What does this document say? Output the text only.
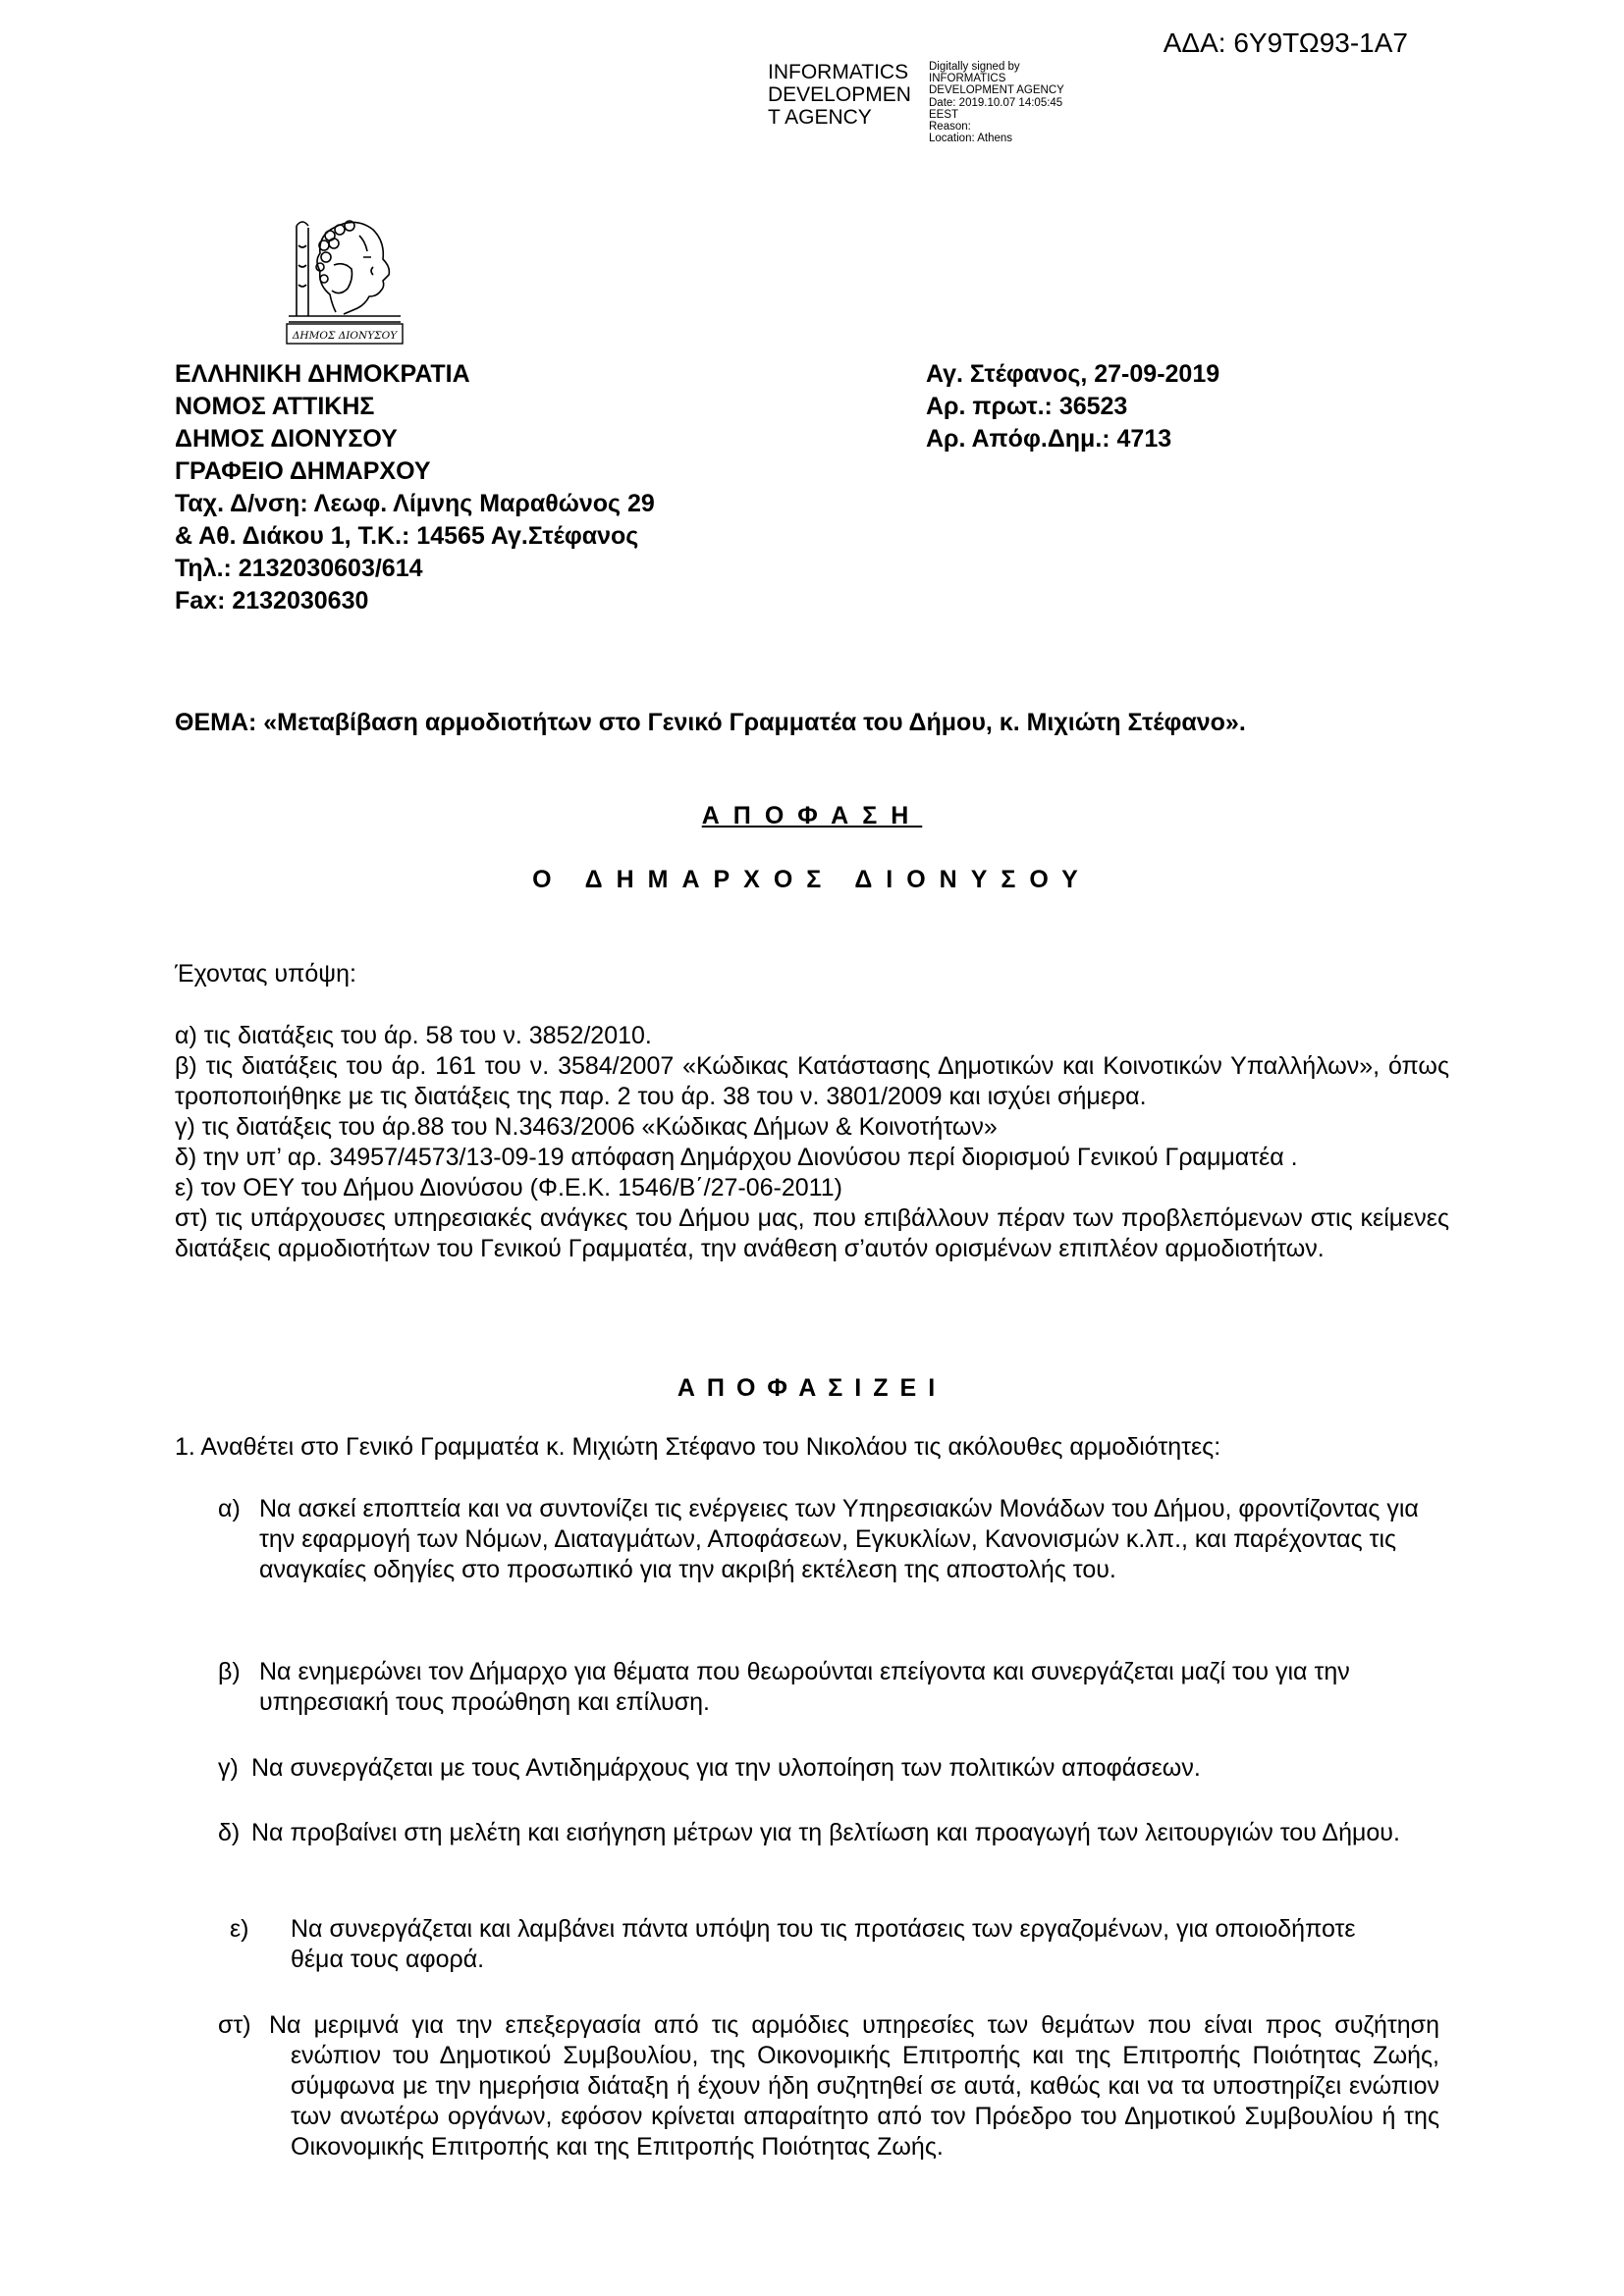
ΑΔΑ: 6Υ9ΤΩ93-1Α7
INFORMATICS
DEVELOPMEN
T AGENCY
Digitally signed by
INFORMATICS
DEVELOPMENT AGENCY
Date: 2019.10.07 14:05:45
EEST
Reason:
Location: Athens
ΔΗΜΟΣ ΔΙΟΝΥΣΟΥ
ΕΛΛΗΝΙΚΗ ΔΗΜΟΚΡΑΤΙΑ
ΝΟΜΟΣ ΑΤΤΙΚΗΣ
ΔΗΜΟΣ ΔΙΟΝΥΣΟΥ
ΓΡΑΦΕΙΟ ΔΗΜΑΡΧΟΥ
Ταχ. Δ/νση: Λεωφ. Λίμνης Μαραθώνος 29
& Αθ. Διάκου 1, Τ.Κ.: 14565 Αγ.Στέφανος
Τηλ.: 2132030603/614
Fax: 2132030630
Αγ. Στέφανος, 27-09-2019
Αρ. πρωτ.: 36523
Αρ. Απόφ.Δημ.: 4713
ΘΕΜΑ: «Μεταβίβαση αρμοδιοτήτων στο Γενικό Γραμματέα του Δήμου, κ. Μιχιώτη Στέφανο».
ΑΠΟΦΑΣΗ
Ο ΔΗΜΑΡΧΟΣ ΔΙΟΝΥΣΟΥ
Έχοντας υπόψη:

α) τις διατάξεις του άρ. 58 του ν. 3852/2010.

β) τις διατάξεις του άρ. 161 του ν. 3584/2007 «Κώδικας Κατάστασης Δημοτικών και Κοινοτικών Υπαλλήλων», όπως τροποποιήθηκε με τις διατάξεις της παρ. 2 του άρ. 38 του ν. 3801/2009 και ισχύει σήμερα.

γ) τις διατάξεις του άρ.88 του Ν.3463/2006 «Κώδικας Δήμων & Κοινοτήτων»

δ) την υπ’ αρ. 34957/4573/13-09-19 απόφαση Δημάρχου Διονύσου περί διορισμού Γενικού Γραμματέα .

ε) τον ΟΕΥ του Δήμου Διονύσου (Φ.Ε.Κ. 1546/Β΄/27-06-2011)

στ) τις υπάρχουσες υπηρεσιακές ανάγκες του Δήμου μας, που επιβάλλουν πέραν των προβλεπόμενων στις κείμενες διατάξεις αρμοδιοτήτων του Γενικού Γραμματέα, την ανάθεση σ’αυτόν ορισμένων επιπλέον αρμοδιοτήτων.

ΑΠΟΦΑΣΙΖΕΙ
1. Αναθέτει στο Γενικό Γραμματέα κ. Μιχιώτη Στέφανο του Νικολάου τις ακόλουθες αρμοδιότητες:
α) Να ασκεί εποπτεία και να συντονίζει τις ενέργειες των Υπηρεσιακών Μονάδων του Δήμου, φροντίζοντας για την εφαρμογή των Νόμων, Διαταγμάτων, Αποφάσεων, Εγκυκλίων, Κανονισμών κ.λπ., και παρέχοντας τις αναγκαίες οδηγίες στο προσωπικό για την ακριβή εκτέλεση της αποστολής του.

β) Να ενημερώνει τον Δήμαρχο για θέματα που θεωρούνται επείγοντα και συνεργάζεται μαζί του για την υπηρεσιακή τους προώθηση και επίλυση.

γ) Να συνεργάζεται με τους Αντιδημάρχους για την υλοποίηση των πολιτικών αποφάσεων.

δ) Να προβαίνει στη μελέτη και εισήγηση μέτρων για τη βελτίωση και προαγωγή των λειτουργιών του Δήμου.

ε)	Να συνεργάζεται και λαμβάνει πάντα υπόψη του τις προτάσεις των εργαζομένων, για οποιοδήποτε θέμα τους αφορά.

στ) Να μεριμνά για την επεξεργασία από τις αρμόδιες υπηρεσίες των θεμάτων που είναι προς συζήτηση ενώπιον του Δημοτικού Συμβουλίου, της Οικονομικής Επιτροπής και της Επιτροπής Ποιότητας Ζωής, σύμφωνα με την ημερήσια διάταξη ή έχουν ήδη συζητηθεί σε αυτά, καθώς και να τα υποστηρίζει ενώπιον των ανωτέρω οργάνων, εφόσον κρίνεται απαραίτητο από τον Πρόεδρο του Δημοτικού Συμβουλίου ή της Οικονομικής Επιτροπής και της Επιτροπής Ποιότητας Ζωής.
